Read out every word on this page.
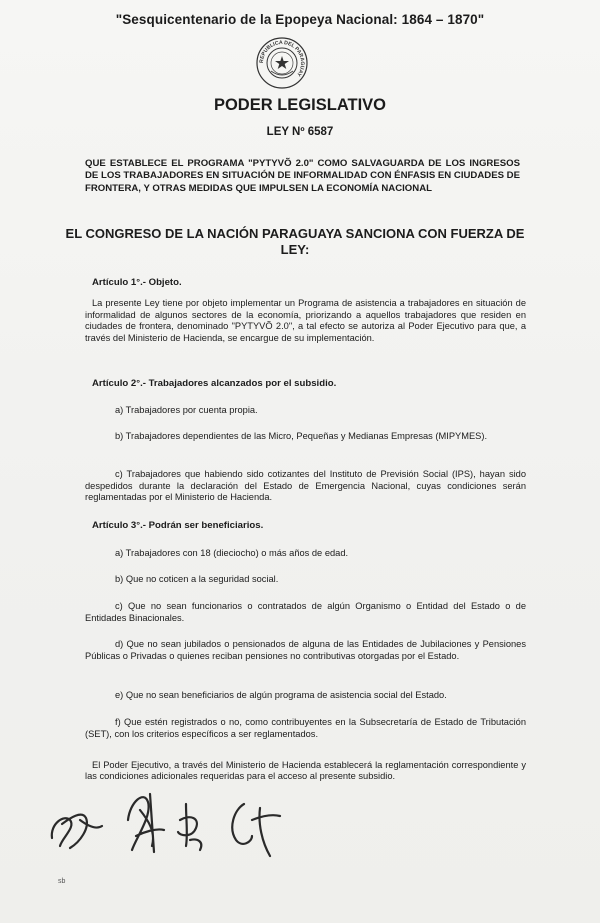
"Sesquicentenario de la Epopeya Nacional: 1864 – 1870"
REPUBLICA DEL PARAGUAY
PODER LEGISLATIVO
LEY Nº 6587
QUE ESTABLECE EL PROGRAMA "PYTYVÕ 2.0" COMO SALVAGUARDA DE LOS INGRESOS DE LOS TRABAJADORES EN SITUACIÓN DE INFORMALIDAD CON ÉNFASIS EN CIUDADES DE FRONTERA, Y OTRAS MEDIDAS QUE IMPULSEN LA ECONOMÍA NACIONAL
EL CONGRESO DE LA NACIÓN PARAGUAYA SANCIONA CON FUERZA DE LEY:
Artículo 1°.- Objeto.
La presente Ley tiene por objeto implementar un Programa de asistencia a trabajadores en situación de informalidad de algunos sectores de la economía, priorizando a aquellos trabajadores que residen en ciudades de frontera, denominado "PYTYVÕ 2.0", a tal efecto se autoriza al Poder Ejecutivo para que, a través del Ministerio de Hacienda, se encargue de su implementación.
Artículo 2°.- Trabajadores alcanzados por el subsidio.
a) Trabajadores por cuenta propia.
b) Trabajadores dependientes de las Micro, Pequeñas y Medianas Empresas (MIPYMES).
c) Trabajadores que habiendo sido cotizantes del Instituto de Previsión Social (IPS), hayan sido despedidos durante la declaración del Estado de Emergencia Nacional, cuyas condiciones serán reglamentadas por el Ministerio de Hacienda.
Artículo 3°.- Podrán ser beneficiarios.
a) Trabajadores con 18 (dieciocho) o más años de edad.
b) Que no coticen a la seguridad social.
c) Que no sean funcionarios o contratados de algún Organismo o Entidad del Estado o de Entidades Binacionales.
d) Que no sean jubilados o pensionados de alguna de las Entidades de Jubilaciones y Pensiones Públicas o Privadas o quienes reciban pensiones no contributivas otorgadas por el Estado.
e) Que no sean beneficiarios de algún programa de asistencia social del Estado.
f) Que estén registrados o no, como contribuyentes en la Subsecretaría de Estado de Tributación (SET), con los criterios específicos a ser reglamentados.
El Poder Ejecutivo, a través del Ministerio de Hacienda establecerá la reglamentación correspondiente y las condiciones adicionales requeridas para el acceso al presente subsidio.
sb
